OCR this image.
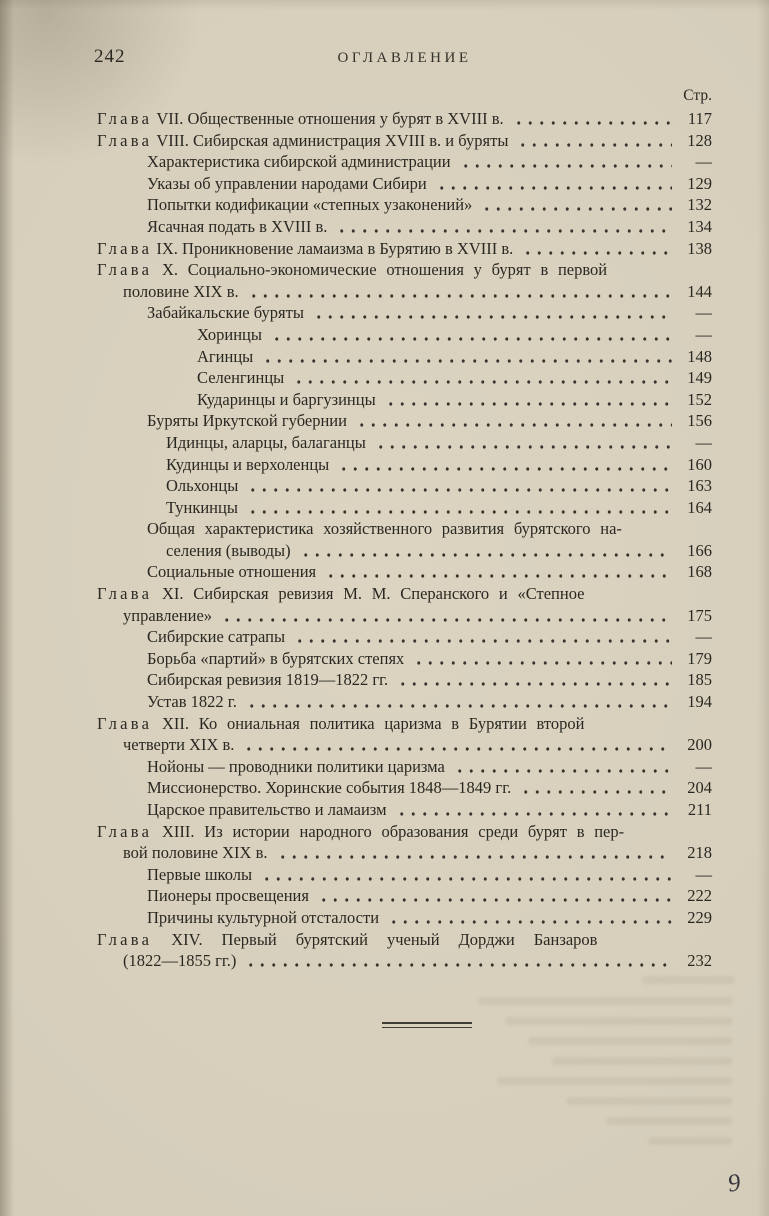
242	ОГЛАВЛЕНИЕ
Стр.
Глава VII. Общественные отношения у бурят в XVIII в.	117
Глава VIII. Сибирская администрация XVIII в. и буряты	128
Характеристика сибирской администрации	—
Указы об управлении народами Сибири	129
Попытки кодификации «степных узаконений»	132
Ясачная подать в XVIII в.	134
Глава IX. Проникновение ламаизма в Бурятию в XVIII в.	138
Глава X. Социально-экономические отношения у бурят в первой
половине XIX в.	144
Забайкальские буряты	—
Хоринцы	—
Агинцы	148
Селенгинцы	149
Кударинцы и баргузинцы	152
Буряты Иркутской губернии	156
Идинцы, аларцы, балаганцы	—
Кудинцы и верхоленцы	160
Ольхонцы	163
Тункинцы	164
Общая характеристика хозяйственного развития бурятского на-
селения (выводы)	166
Социальные отношения	168
Глава XI. Сибирская ревизия М. М. Сперанского и «Степное
управление»	175
Сибирские сатрапы	—
Борьба «партий» в бурятских степях	179
Сибирская ревизия 1819—1822 гг.	185
Устав 1822 г.	194
Глава XII. Ко ониальная политика царизма в Бурятии второй
четверти XIX в.	200
Нойоны — проводники политики царизма	—
Миссионерство. Хоринские события 1848—1849 гг.	204
Царское правительство и ламаизм	211
Глава XIII. Из истории народного образования среди бурят в пер-
вой половине XIX в.	218
Первые школы	—
Пионеры просвещения	222
Причины культурной отсталости	229
Глава XIV. Первый бурятский ученый Дорджи Банзаров
(1822—1855 гг.)	232
9
